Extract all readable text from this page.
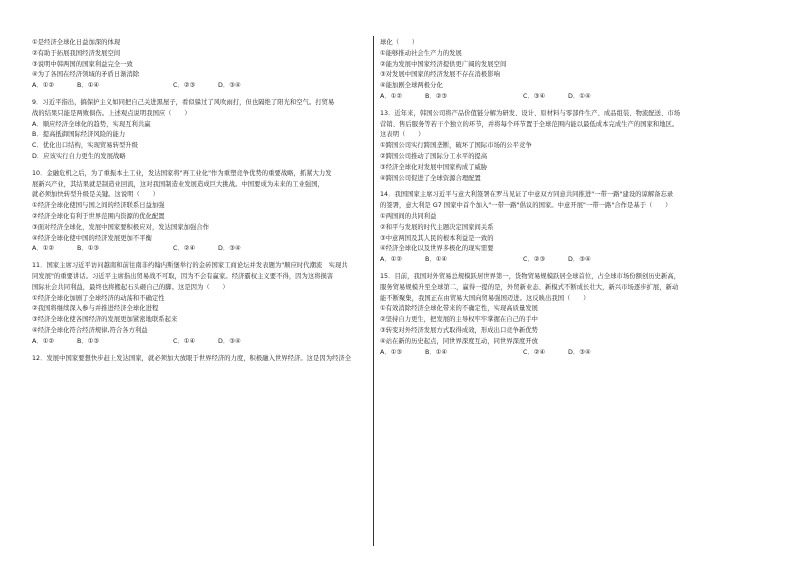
①是经济全球化日益加深的体现
②有助于拓展我国经济发展空间
③说明中韩两国的国家利益完全一致
④为了各国在经济领域的矛盾日渐消除
A．①②	B．①④	C．②③	D．③④
9．习近平指出，搞保护主义如同把自己关进黑屋子，看似躲过了风吹雨打，但也隔绝了阳光和空气。打贸易
战的结果只能是两败俱伤。上述观点说明我国应（　　）
A．顺应经济全球化的趋势，实现互利共赢
B．提高抵御国际经济风险的能力
C．优化出口结构，实现贸易转型升级
D．应该实行自力更生的发展战略
10．金融危机之后，为了重振本土工业，发达国家将"再工业化"作为重塑竞争优势的重要战略，抓紧大力发
展新兴产业，其结果就是制造业回流，这对我国制造业发展造成巨大挑战。中国要成为未来的工业强国，
就必须加快转型升级是关键。这说明（　　）
①经济全球化使国与国之间的经济联系日益加强
②经济全球化有利于世界范围内资源的优化配置
③面对经济全球化，发展中国家要积极应对，发达国家加强合作
④经济全球化使中国的经济发展更加不平衡
A．①②	B．①③	C．②④	D．③④
11．国家主席习近平访问越南和前往南非约翰内斯堡举行的金砖国家工商论坛并发表题为"顺应时代潮流　实现共
同发展"的重要讲话。习近平主席指出贸易战不可取，因为不会有赢家。经济霸权主义要不得，因为这将损害
国际社会共同利益，最终也将搬起石头砸自己的脚。这是因为（　　）
①经济全球化加剧了全球经济的动荡和不确定性
②我国将继续深入参与并推进经济全球化进程
③经济全球化使各国经济的发展更加紧密地联系起来
④经济全球化符合经济规律,符合各方利益
A．①②	B．①③	C．①④	D．③④
12．发展中国家要想快步赶上发达国家，就必须加大放眼于世界经济的力度，积极融入世界经济。这是因为经济全
球化（　　）
①能够推动社会生产力的发展
②能为发展中国家经济提供更广阔的发展空间
③对发展中国家的经济发展不存在消极影响
④能加剧全球两极分化
A．①②	B．②③	C．③④	D．①④
13．近年来，韩国公司将产品价值链分解为研发、设计、原材料与零部件生产、成品组装、物流配送、市场
营销、售后服务等若干个独立的环节，并将每个环节置于全球范围内能以最低成本完成生产的国家和地区。
这表明（　　）
①跨国公司实行跨国垄断，破坏了国际市场的公平竞争
②跨国公司推动了国际分工水平的提高
③经济全球化对发展中国家构成了威胁
④跨国公司促进了全球资源合理配置
14．我国国家主席习近平与意大利签署在罗马见证了中意双方同意共同推进"一带一路"建设的谅解备忘录
的签署，意大利是 G7 国家中首个加入"一带一路"倡议的国家。中意开展"一带一路"合作是基于（　　）
①两国间的共同利益
②和平与发展的时代主题决定国家间关系
③中意两国及其人民的根本利益是一致的
④经济全球化以及世界多极化的现实需要
A．①②	B．①④	C．②③	D．③④
15．目前，我国对外贸易总规模跃居世界第一，货物贸易规模跃居全球首位，占全球市场份额创历史新高，
服务贸易规模升至全球第二，赢得一提的是，外贸新业态、新模式不断成长壮大，新兴市场逐步扩展，新动
能不断聚集，我国正在由贸易大国向贸易强国迈进。这反映出我国（　　）
①有效消除经济全球化带来的不确定性，实现高质量发展
②坚持自力更生，把发展的主导权牢牢掌握在自己的手中
③转变对外经济发展方式取得成效，形成出口竞争新优势
④站在新的历史起点，同世界深度互动，同世界深度开放
A．①③	B．①④	C．②④	D．③④
